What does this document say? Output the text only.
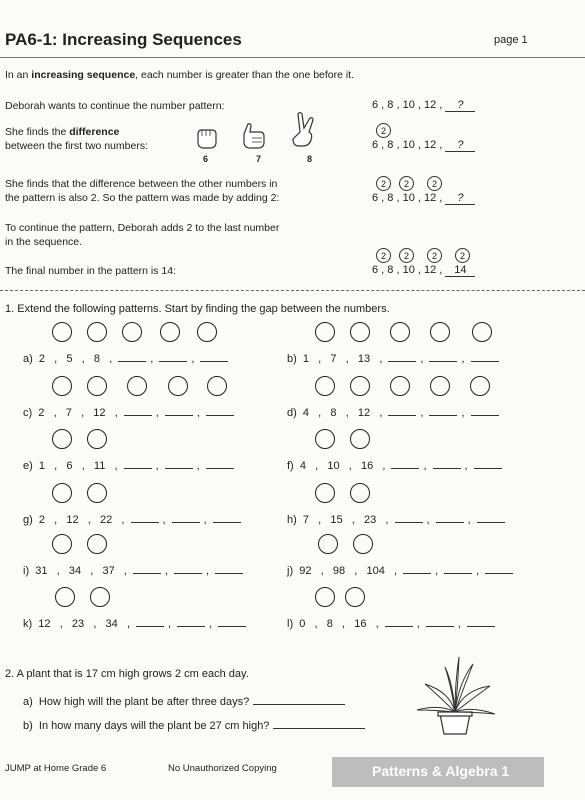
PA6-1: Increasing Sequences	page 1
In an increasing sequence, each number is greater than the one before it.
Deborah wants to continue the number pattern:	6 , 8 , 10 , 12 , ?
She finds the difference
between the first two numbers:
6	7	8
2
6 , 8 , 10 , 12 , ?
She finds that the difference between the other numbers in
the pattern is also 2. So the pattern was made by adding 2:
2	2	2
6 , 8 , 10 , 12 , ?
To continue the pattern, Deborah adds 2 to the last number
in the sequence.
The final number in the pattern is 14:
2	2	2	2
6 , 8 , 10 , 12 , 14
1. Extend the following patterns. Start by finding the gap between the numbers.
a)  2   ,   5   ,   8   ,	,	,	b)  1   ,   7   ,   13   ,	,	,
c)  2   ,   7   ,   12   ,	,	,	d)  4   ,   8   ,   12   ,	,	,
e)  1   ,   6   ,   11   ,	,	,	f)  4   ,   10   ,   16   ,	,	,
g)  2   ,   12   ,   22   ,	,	,	h)  7   ,   15   ,   23   ,	,	,
i)  31   ,   34   ,   37   ,	,	,	j)  92   ,   98   ,   104   ,	,	,
k)  12   ,   23   ,   34   ,	,	,	l)  0   ,   8   ,   16   ,	,	,
2. A plant that is 17 cm high grows 2 cm each day.
a) How high will the plant be after three days?
b) In how many days will the plant be 27 cm high?
JUMP at Home Grade 6	No Unauthorized Copying	Patterns & Algebra 1
